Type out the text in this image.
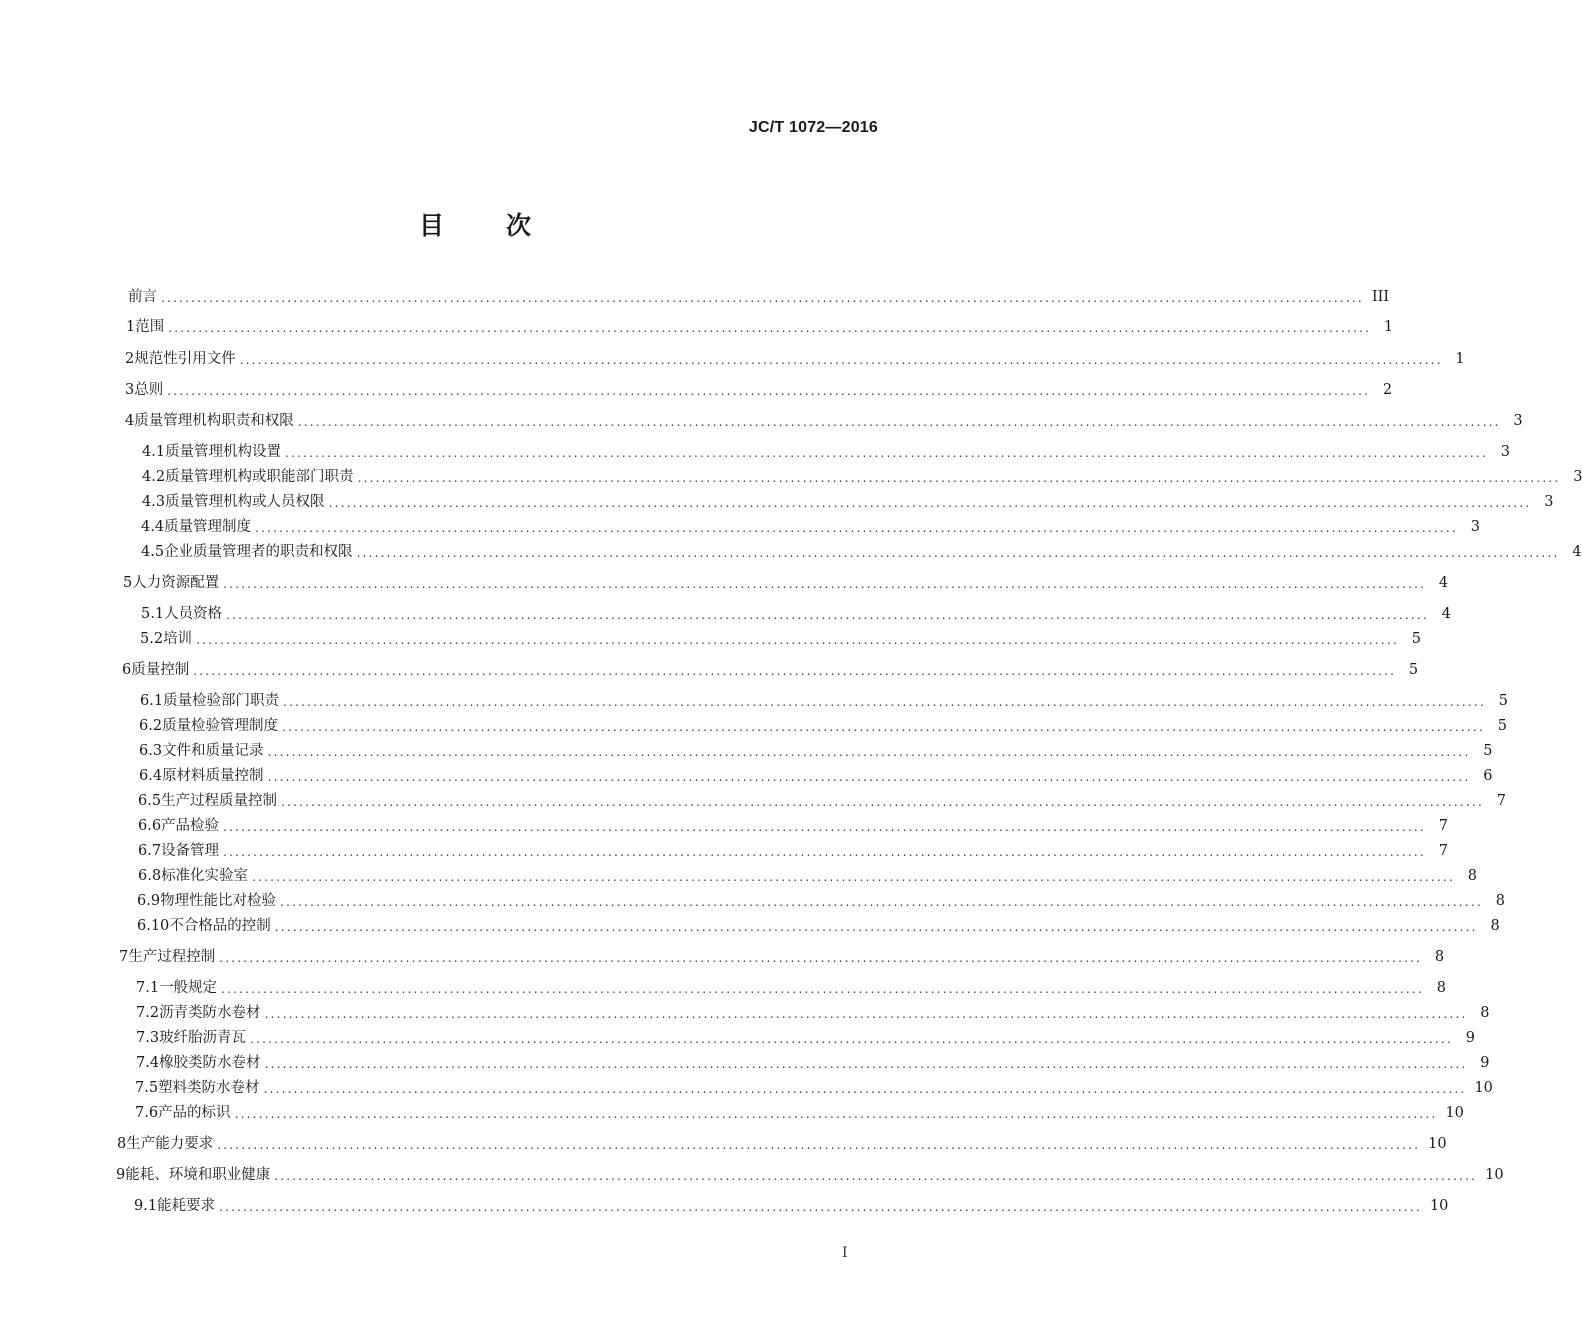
JC/T 1072—2016
目次
前言 ........................................................................................................................................................................................................ III
1 范围 ........................................................................................................................................................................................................ 1
2 规范性引用文件 ........................................................................................................................................................................................................ 1
3 总则 ........................................................................................................................................................................................................ 2
4 质量管理机构职责和权限 ........................................................................................................................................................................................................ 3
4.1 质量管理机构设置 ........................................................................................................................................................................................................ 3
4.2 质量管理机构或职能部门职责 ........................................................................................................................................................................................................ 3
4.3 质量管理机构或人员权限 ........................................................................................................................................................................................................ 3
4.4 质量管理制度 ........................................................................................................................................................................................................ 3
4.5 企业质量管理者的职责和权限 ........................................................................................................................................................................................................ 4
5 人力资源配置 ........................................................................................................................................................................................................ 4
5.1 人员资格 ........................................................................................................................................................................................................ 4
5.2 培训 ........................................................................................................................................................................................................ 5
6 质量控制 ........................................................................................................................................................................................................ 5
6.1 质量检验部门职责 ........................................................................................................................................................................................................ 5
6.2 质量检验管理制度 ........................................................................................................................................................................................................ 5
6.3 文件和质量记录 ........................................................................................................................................................................................................ 5
6.4 原材料质量控制 ........................................................................................................................................................................................................ 6
6.5 生产过程质量控制 ........................................................................................................................................................................................................ 7
6.6 产品检验 ........................................................................................................................................................................................................ 7
6.7 设备管理 ........................................................................................................................................................................................................ 7
6.8 标准化实验室 ........................................................................................................................................................................................................ 8
6.9 物理性能比对检验 ........................................................................................................................................................................................................ 8
6.10 不合格品的控制 ........................................................................................................................................................................................................ 8
7 生产过程控制 ........................................................................................................................................................................................................ 8
7.1 一般规定 ........................................................................................................................................................................................................ 8
7.2 沥青类防水卷材 ........................................................................................................................................................................................................ 8
7.3 玻纤胎沥青瓦 ........................................................................................................................................................................................................ 9
7.4 橡胶类防水卷材 ........................................................................................................................................................................................................ 9
7.5 塑料类防水卷材 ........................................................................................................................................................................................................ 10
7.6 产品的标识 ........................................................................................................................................................................................................ 10
8 生产能力要求 ........................................................................................................................................................................................................ 10
9 能耗、环境和职业健康 ........................................................................................................................................................................................................ 10
9.1 能耗要求 ........................................................................................................................................................................................................ 10
I
